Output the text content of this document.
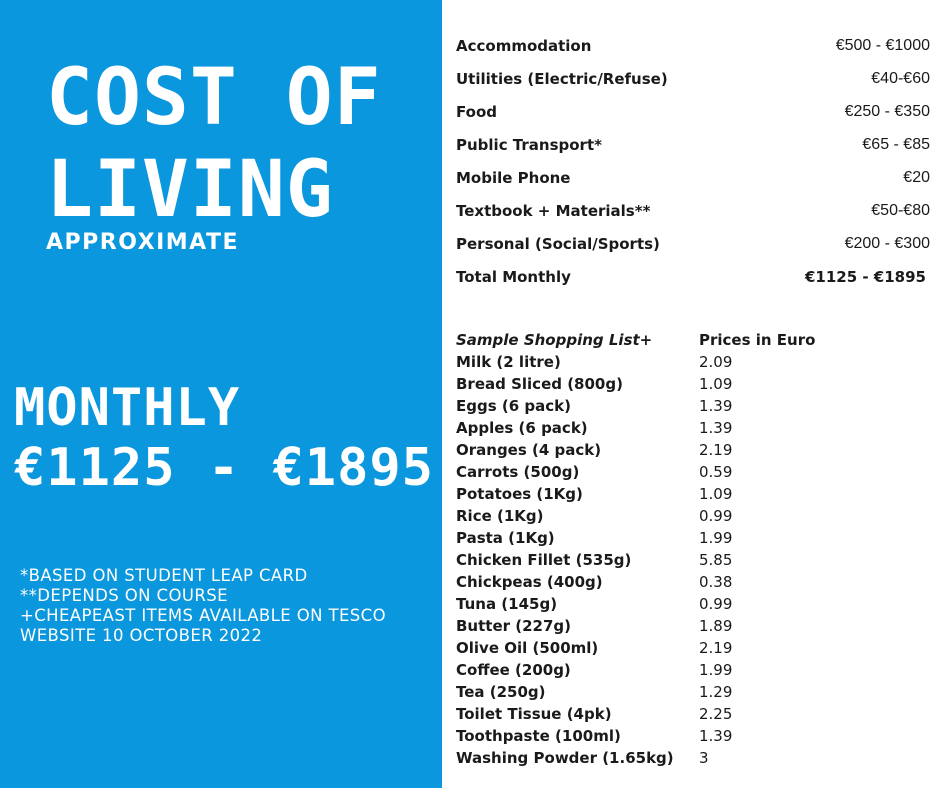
COST OF
LIVING
APPROXIMATE
MONTHLY
€1125 - €1895
*BASED ON STUDENT LEAP CARD
**DEPENDS ON COURSE
+CHEAPEAST ITEMS AVAILABLE ON TESCO
WEBSITE 10 OCTOBER 2022
Accommodation	€500 - €1000
Utilities (Electric/Refuse)	€40-€60
Food	€250 - €350
Public Transport*	€65 - €85
Mobile Phone	€20
Textbook + Materials**	€50-€80
Personal (Social/Sports)	€200 - €300
Total Monthly	€1125 - €1895
Sample Shopping List+	Prices in Euro
Milk (2 litre)	2.09
Bread Sliced (800g)	1.09
Eggs (6 pack)	1.39
Apples (6 pack)	1.39
Oranges (4 pack)	2.19
Carrots (500g)	0.59
Potatoes (1Kg)	1.09
Rice (1Kg)	0.99
Pasta (1Kg)	1.99
Chicken Fillet (535g)	5.85
Chickpeas (400g)	0.38
Tuna (145g)	0.99
Butter (227g)	1.89
Olive Oil (500ml)	2.19
Coffee (200g)	1.99
Tea (250g)	1.29
Toilet Tissue (4pk)	2.25
Toothpaste (100ml)	1.39
Washing Powder (1.65kg)	3
